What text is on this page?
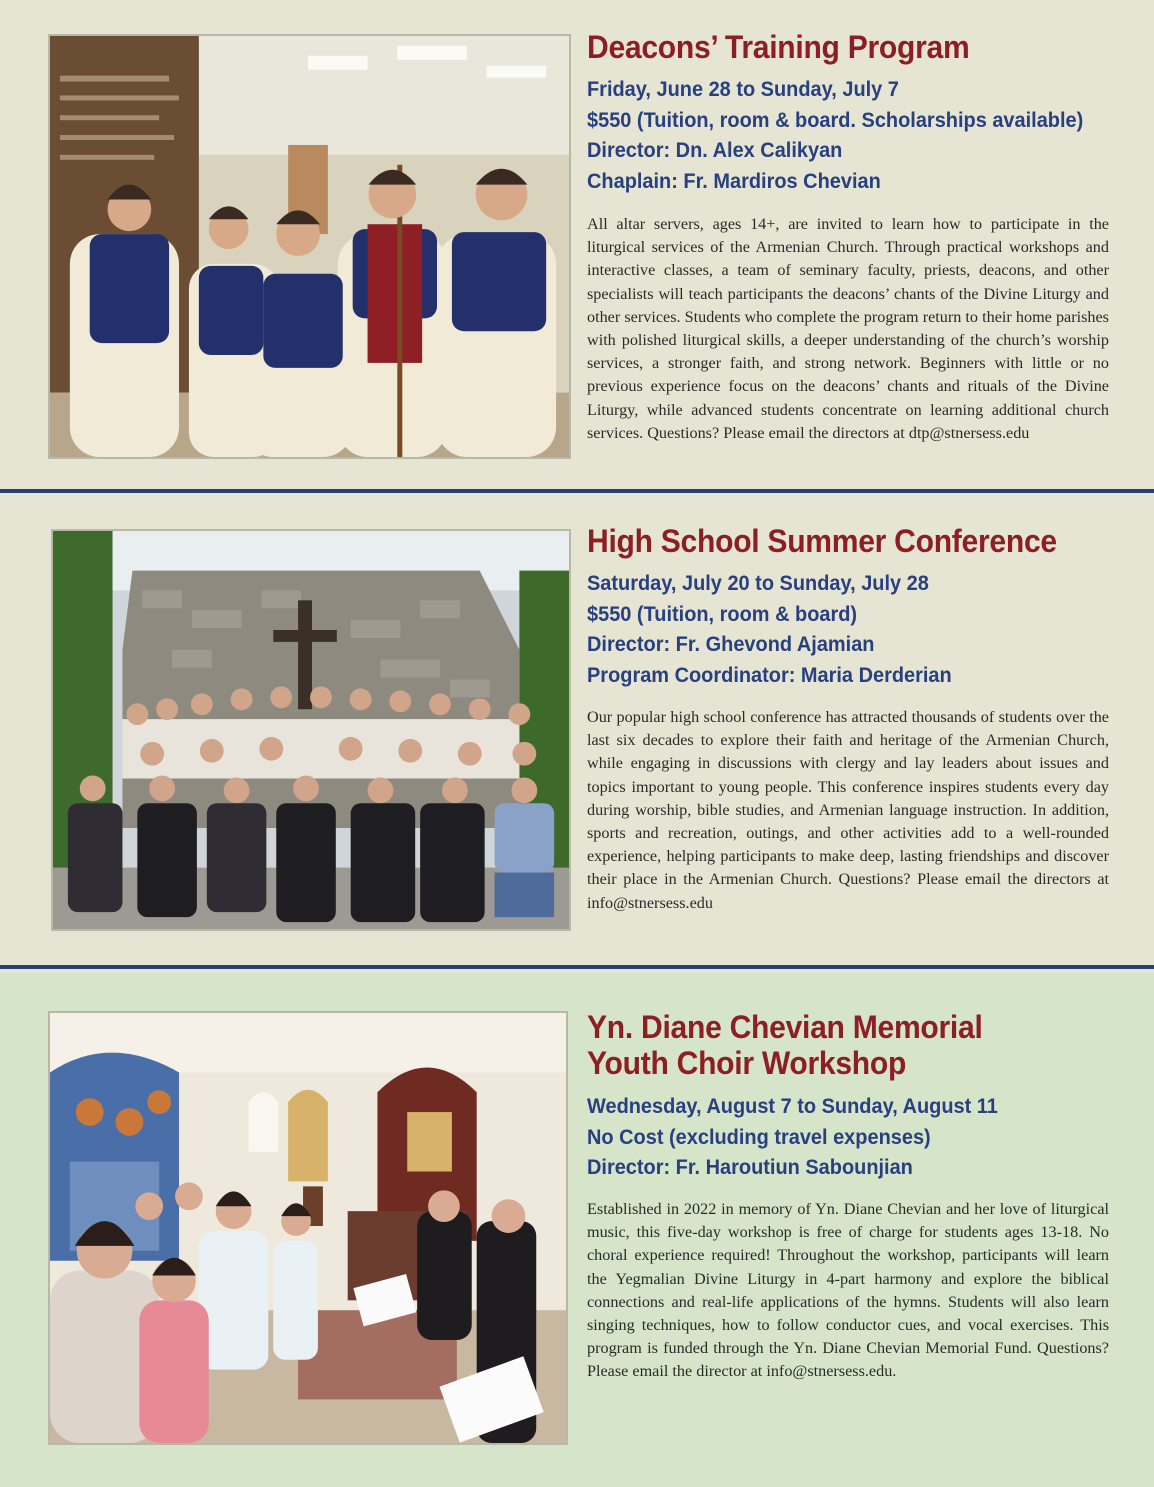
Deacons’ Training Program
Friday, June 28 to Sunday, July 7
$550 (Tuition, room & board. Scholarships available)
Director: Dn. Alex Calikyan
Chaplain: Fr. Mardiros Chevian

All altar servers, ages 14+, are invited to learn how to participate in the liturgical services of the Armenian Church. Through practical workshops and interactive classes, a team of seminary faculty, priests, deacons, and other specialists will teach participants the deacons’ chants of the Divine Liturgy and other services. Students who complete the program return to their home parishes with polished liturgical skills, a deeper understanding of the church’s worship services, a stronger faith, and strong network. Beginners with little or no previous experience focus on the deacons’ chants and rituals of the Divine Liturgy, while advanced students concentrate on learning additional church services. Questions? Please email the directors at dtp@stnersess.edu

High School Summer Conference
Saturday, July 20 to Sunday, July 28
$550 (Tuition, room & board)
Director: Fr. Ghevond Ajamian
Program Coordinator: Maria Derderian

Our popular high school conference has attracted thousands of students over the last six decades to explore their faith and heritage of the Armenian Church, while engaging in discussions with clergy and lay leaders about issues and topics important to young people. This conference inspires students every day during worship, bible studies, and Armenian language instruction. In addition, sports and recreation, outings, and other activities add to a well-rounded experience, helping participants to make deep, lasting friendships and discover their place in the Armenian Church. Questions? Please email the directors at info@stnersess.edu

Yn. Diane Chevian Memorial
Youth Choir Workshop
Wednesday, August 7 to Sunday, August 11
No Cost (excluding travel expenses)
Director: Fr. Haroutiun Sabounjian

Established in 2022 in memory of Yn. Diane Chevian and her love of liturgical music, this five-day workshop is free of charge for students ages 13-18. No choral experience required! Throughout the workshop, participants will learn the Yegmalian Divine Liturgy in 4-part harmony and explore the biblical connections and real-life applications of the hymns. Students will also learn singing techniques, how to follow conductor cues, and vocal exercises. This program is funded through the Yn. Diane Chevian Memorial Fund. Questions? Please email the director at info@stnersess.edu.
